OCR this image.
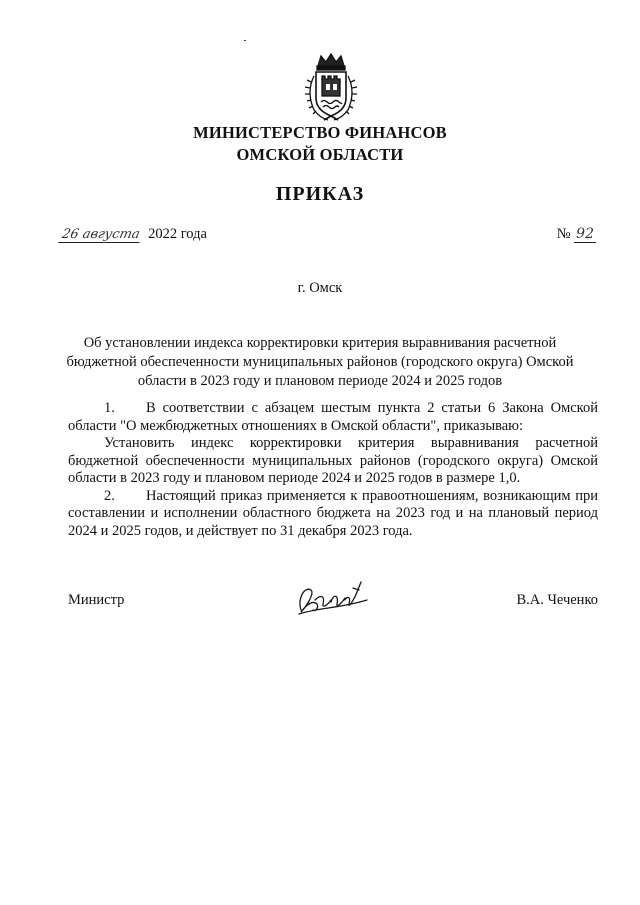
МИНИСТЕРСТВО ФИНАНСОВ
ОМСКОЙ ОБЛАСТИ
ПРИКАЗ
26 августа 2022 года	№ 92
г. Омск
Об установлении индекса корректировки критерия выравнивания расчетной бюджетной обеспеченности муниципальных районов (городского округа) Омской области в 2023 году и плановом периоде 2024 и 2025 годов

1. В соответствии с абзацем шестым пункта 2 статьи 6 Закона Омской области "О межбюджетных отношениях в Омской области", приказываю:

Установить индекс корректировки критерия выравнивания расчетной бюджетной обеспеченности муниципальных районов (городского округа) Омской области в 2023 году и плановом периоде 2024 и 2025 годов в размере 1,0.

2. Настоящий приказ применяется к правоотношениям, возникающим при составлении и исполнении областного бюджета на 2023 год и на плановый период 2024 и 2025 годов, и действует по 31 декабря 2023 года.

Министр	В.А. Чеченко
